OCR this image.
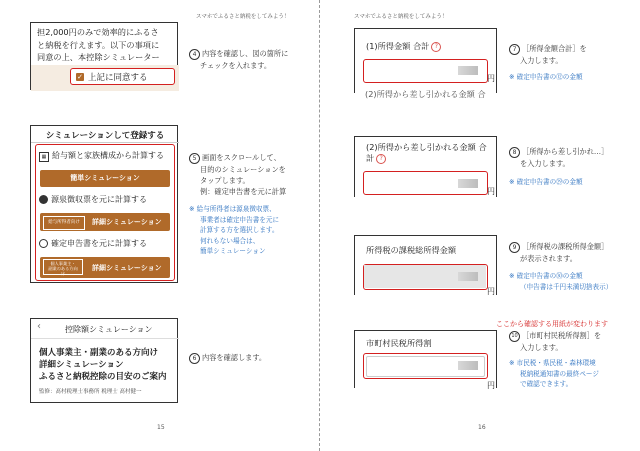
スマホでふるさと納税をしてみよう！
担2,000円のみで効率的にふるさ
と納税を行えます。以下の事項に
同意の上、本控除シミュレーター
✓ 上記に同意する
4 内容を確認し、図の箇所に
チェックを入れます。
シミュレーションして登録する
▦ 給与額と家族構成から計算する
簡単シミュレーション
源泉徴収票を元に計算する
給与所得者向け	詳細シミュレーション
確定申告書を元に計算する
個人事業主・
副業のある方向
け
詳細シミュレーション
5 画面をスクロールして、
目的のシミュレーションを
タップします。
例：確定申告書を元に計算
※ 給与所得者は源泉徴収票、
事業者は確定申告書を元に
計算する方を選択します。
何れもない場合は、
簡単シミュレーション
‹	控除額シミュレーション
個人事業主・副業のある方向け
詳細シミュレーション
ふるさと納税控除の目安のご案内
監修：髙村税理士事務所 税理士 髙村健一
6 内容を確認します。
15
スマホでふるさと納税をしてみよう！
(1)所得金額 合計 ?
(2)所得から差し引かれる金額 合
円
7 ［所得金額合計］を
入力します。
※ 確定申告書の⑫の金額
(2)所得から差し引かれる金額 合
計 ?
円
8 ［所得から差し引かれ…］
を入力します。
※ 確定申告書の㉙の金額
所得税の課税総所得金額
円
9 ［所得税の課税所得金額］
が表示されます。
※ 確定申告書の㉚の金額
（申告書は千円未満切捨表示）
ここから確認する用紙が変わります
市町村民税所得割
円
10 ［市町村民税所得割］を
入力します。
※ 市民税・県民税・森林環境
税納税通知書の最終ページ
で確認できます。
16
